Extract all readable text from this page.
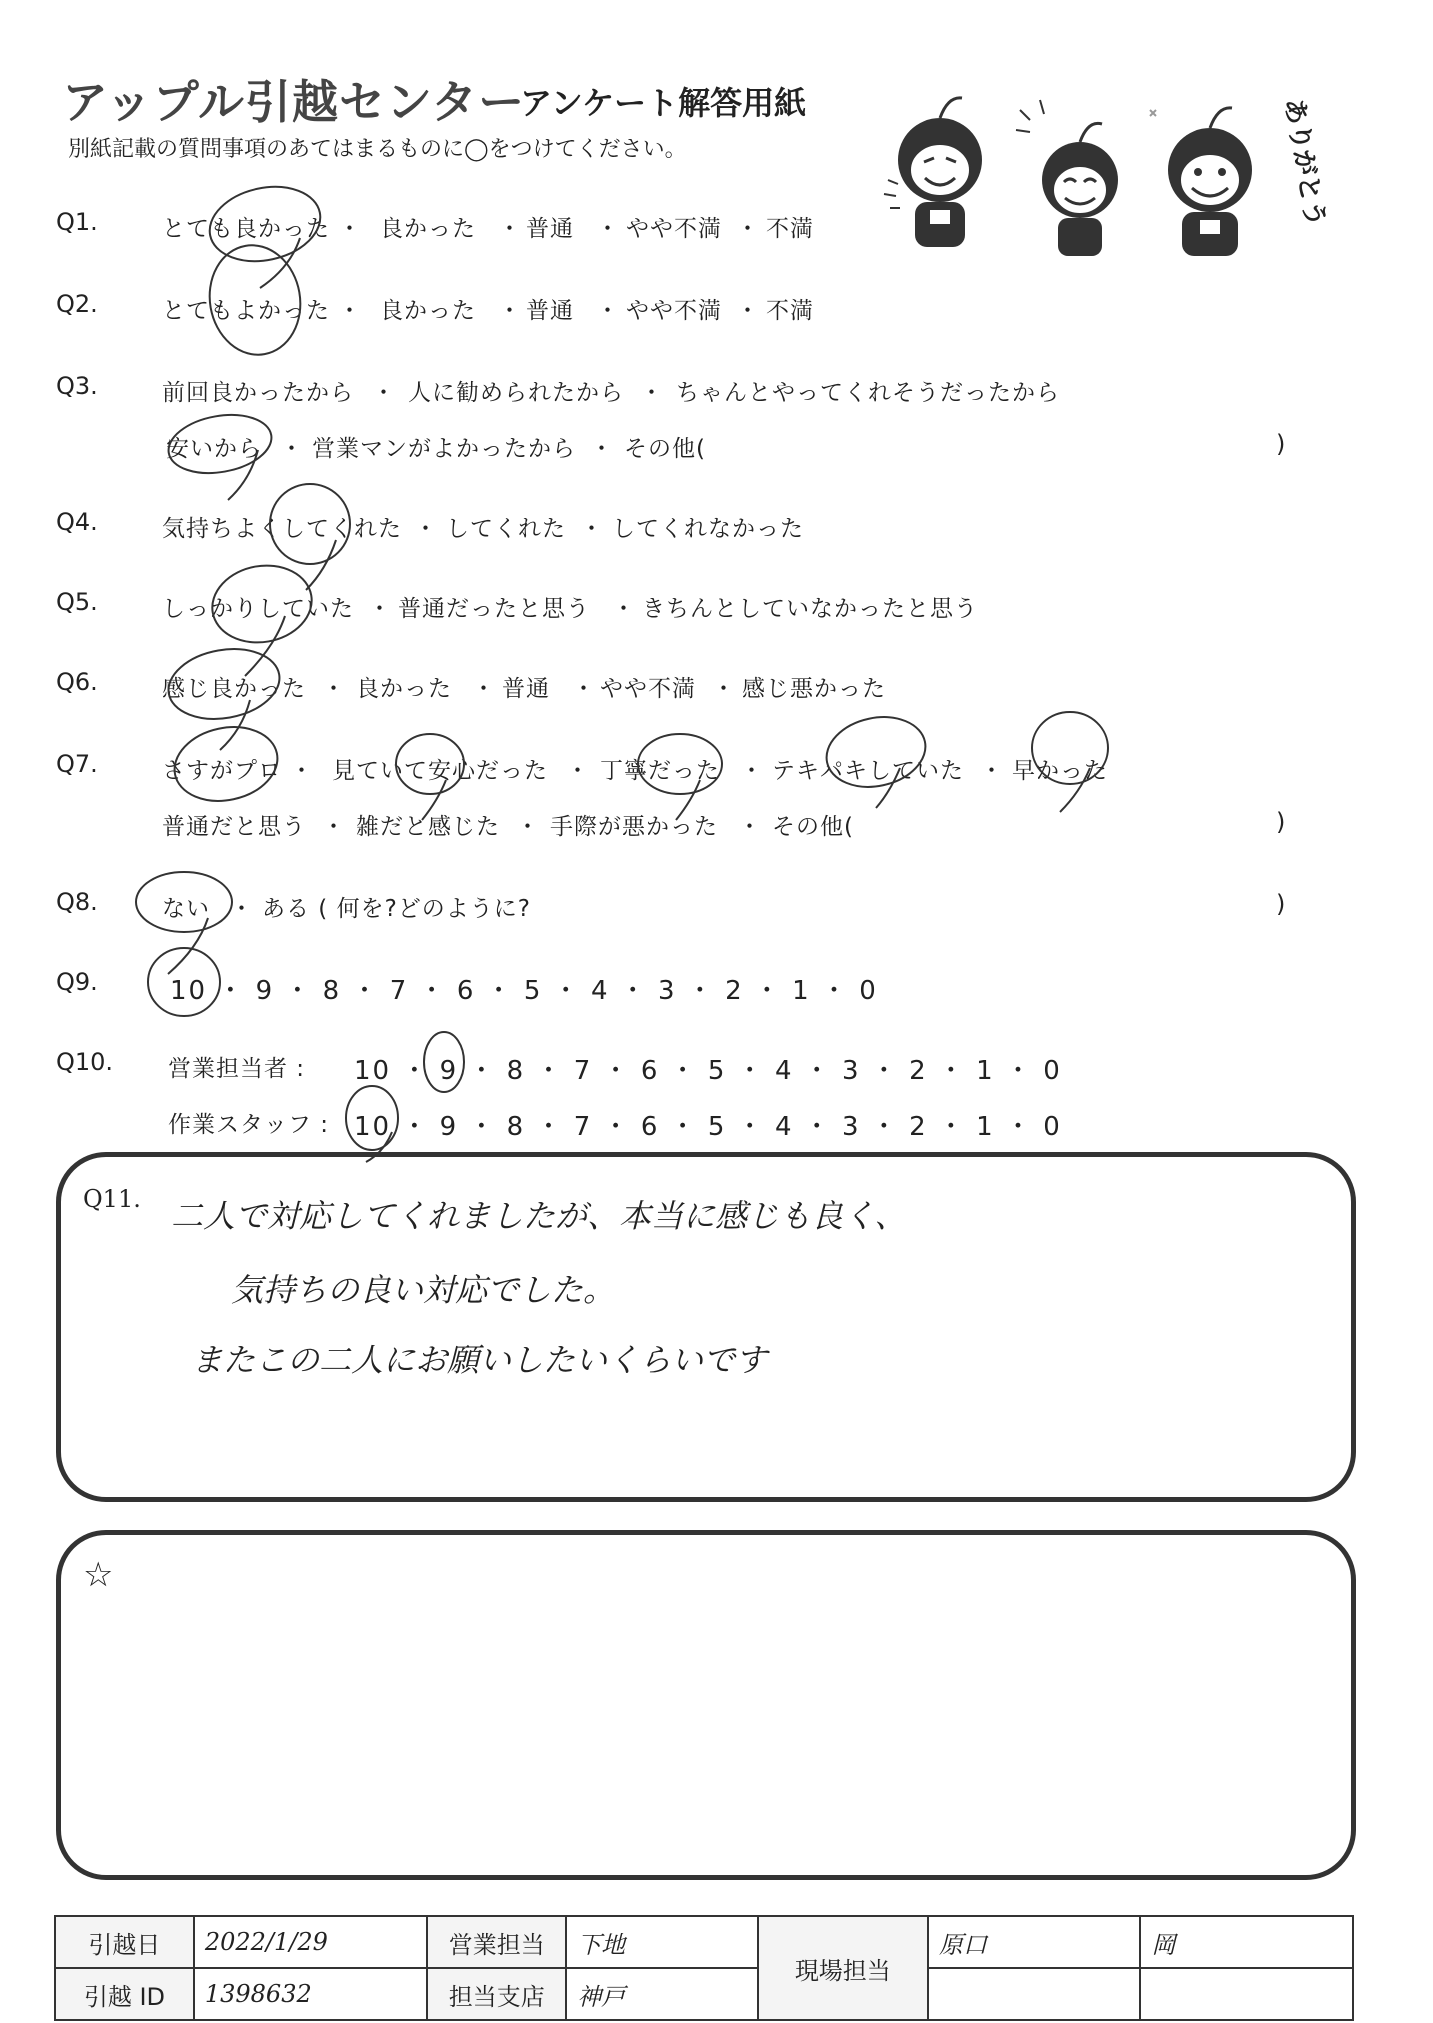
アップル引越センター
アンケート解答用紙
別紙記載の質問事項のあてはまるものに◯をつけてください。	ありがとう
Q1.	とても良かった ・ 良かった ・ 普通 ・ やや不満 ・ 不満
Q2.	とてもよかった ・ 良かった ・ 普通 ・ やや不満 ・ 不満
Q3.	前回良かったから ・ 人に勧められたから ・ ちゃんとやってくれそうだったから
安いから ・ 営業マンがよかったから ・ その他(	)
Q4.	気持ちよくしてくれた ・ してくれた ・ してくれなかった
Q5.	しっかりしていた ・ 普通だったと思う ・ きちんとしていなかったと思う
Q6.	感じ良かった ・ 良かった ・ 普通 ・ やや不満 ・ 感じ悪かった
Q7.	さすがプロ ・ 見ていて安心だった ・ 丁寧だった ・ テキパキしていた ・ 早かった
普通だと思う ・ 雑だと感じた ・ 手際が悪かった ・ その他(	)
Q8.	ない ・ ある ( 何を?どのように?	)
Q9.	10 ・ 9 ・ 8 ・ 7 ・ 6 ・ 5 ・ 4 ・ 3 ・ 2 ・ 1 ・ 0
Q10. 営業担当者 : 10 ・ 9 ・ 8 ・ 7 ・ 6 ・ 5 ・ 4 ・ 3 ・ 2 ・ 1 ・ 0
作業スタッフ : 10 ・ 9 ・ 8 ・ 7 ・ 6 ・ 5 ・ 4 ・ 3 ・ 2 ・ 1 ・ 0
Q11. 二人で対応してくれましたが、本当に感じも良く、
気持ちの良い対応でした。
またこの二人にお願いしたいくらいです
☆
引越日	2022/1/29	営業担当	下地	現場担当	原口	岡
引越 ID	1398632	担当支店	神戸			
